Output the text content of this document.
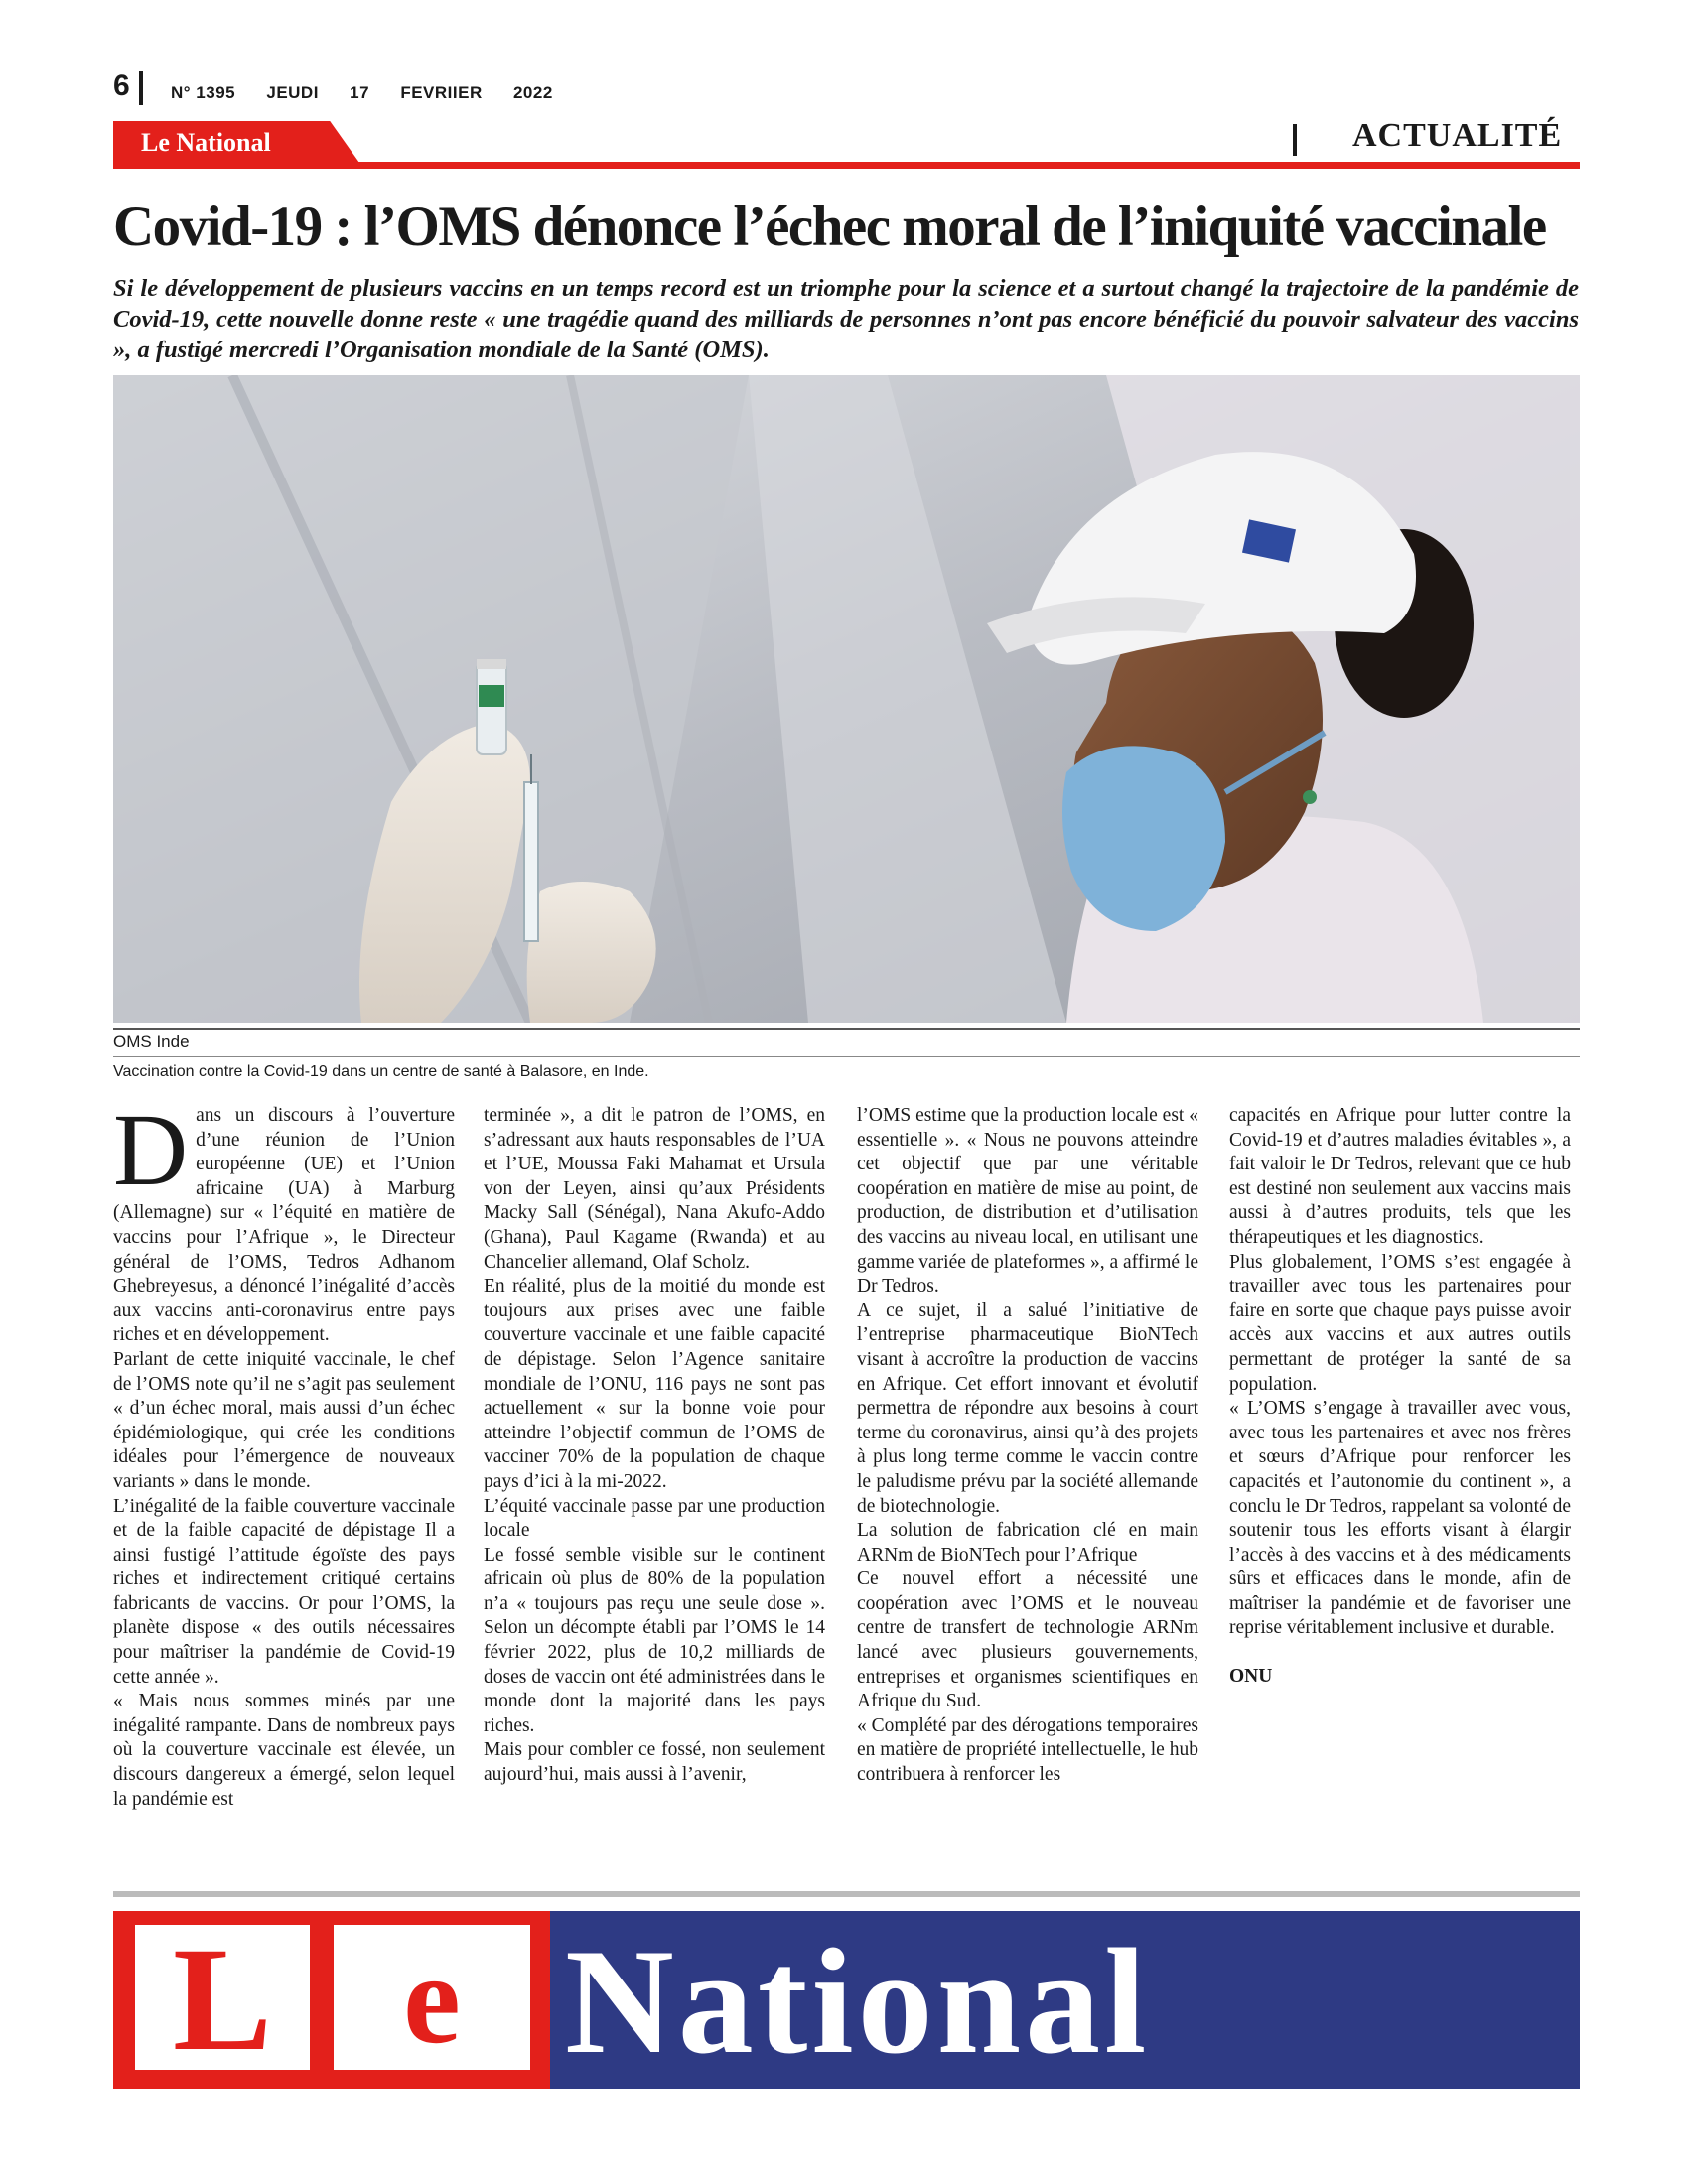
6 N° 1395 JEUDI 17 FEVRIIER 2022
Le National	ACTUALITÉ
Covid-19 : l’OMS dénonce l’échec moral de l’iniquité vaccinale
Si le développement de plusieurs vaccins en un temps record est un triomphe pour la science et a surtout changé la trajectoire de la pandémie de Covid-19, cette nouvelle donne reste « une tragédie quand des milliards de personnes n’ont pas encore bénéficié du pouvoir salvateur des vaccins », a fustigé mercredi l’Organisation mondiale de la Santé (OMS).
OMS Inde
Vaccination contre la Covid-19 dans un centre de santé à Balasore, en Inde.

Dans un discours à l’ouverture d’une réunion de l’Union européenne (UE) et l’Union africaine (UA) à Marburg (Allemagne) sur « l’équité en matière de vaccins pour l’Afrique », le Directeur général de l’OMS, Tedros Adhanom Ghebreyesus, a dénoncé l’inégalité d’accès aux vaccins anti-coronavirus entre pays riches et en développement.

Parlant de cette iniquité vaccinale, le chef de l’OMS note qu’il ne s’agit pas seulement « d’un échec moral, mais aussi d’un échec épidémiologique, qui crée les conditions idéales pour l’émergence de nouveaux variants » dans le monde.

L’inégalité de la faible couverture vaccinale et de la faible capacité de dépistage Il a ainsi fustigé l’attitude égoïste des pays riches et indirectement critiqué certains fabricants de vaccins. Or pour l’OMS, la planète dispose « des outils nécessaires pour maîtriser la pandémie de Covid-19 cette année ».

« Mais nous sommes minés par une inégalité rampante. Dans de nombreux pays où la couverture vaccinale est élevée, un discours dangereux a émergé, selon lequel la pandémie est

terminée », a dit le patron de l’OMS, en s’adressant aux hauts responsables de l’UA et l’UE, Moussa Faki Mahamat et Ursula von der Leyen, ainsi qu’aux Présidents Macky Sall (Sénégal), Nana Akufo-Addo (Ghana), Paul Kagame (Rwanda) et au Chancelier allemand, Olaf Scholz.

En réalité, plus de la moitié du monde est toujours aux prises avec une faible couverture vaccinale et une faible capacité de dépistage. Selon l’Agence sanitaire mondiale de l’ONU, 116 pays ne sont pas actuellement « sur la bonne voie pour atteindre l’objectif commun de l’OMS de vacciner 70% de la population de chaque pays d’ici à la mi-2022.

L’équité vaccinale passe par une production locale

Le fossé semble visible sur le continent africain où plus de 80% de la population n’a « toujours pas reçu une seule dose ». Selon un décompte établi par l’OMS le 14 février 2022, plus de 10,2 milliards de doses de vaccin ont été administrées dans le monde dont la majorité dans les pays riches.

Mais pour combler ce fossé, non seulement aujourd’hui, mais aussi à l’avenir,

l’OMS estime que la production locale est « essentielle ». « Nous ne pouvons atteindre cet objectif que par une véritable coopération en matière de mise au point, de production, de distribution et d’utilisation des vaccins au niveau local, en utilisant une gamme variée de plateformes », a affirmé le Dr Tedros.

A ce sujet, il a salué l’initiative de l’entreprise pharmaceutique BioNTech visant à accroître la production de vaccins en Afrique. Cet effort innovant et évolutif permettra de répondre aux besoins à court terme du coronavirus, ainsi qu’à des projets à plus long terme comme le vaccin contre le paludisme prévu par la société allemande de biotechnologie.

La solution de fabrication clé en main ARNm de BioNTech pour l’Afrique

Ce nouvel effort a nécessité une coopération avec l’OMS et le nouveau centre de transfert de technologie ARNm lancé avec plusieurs gouvernements, entreprises et organismes scientifiques en Afrique du Sud.

« Complété par des dérogations temporaires en matière de propriété intellectuelle, le hub contribuera à renforcer les

capacités en Afrique pour lutter contre la Covid-19 et d’autres maladies évitables », a fait valoir le Dr Tedros, relevant que ce hub est destiné non seulement aux vaccins mais aussi à d’autres produits, tels que les thérapeutiques et les diagnostics.

Plus globalement, l’OMS s’est engagée à travailler avec tous les partenaires pour faire en sorte que chaque pays puisse avoir accès aux vaccins et aux autres outils permettant de protéger la santé de sa population.

« L’OMS s’engage à travailler avec vous, avec tous les partenaires et avec nos frères et sœurs d’Afrique pour renforcer les capacités et l’autonomie du continent », a conclu le Dr Tedros, rappelant sa volonté de soutenir tous les efforts visant à élargir l’accès à des vaccins et à des médicaments sûrs et efficaces dans le monde, afin de maîtriser la pandémie et de favoriser une reprise véritablement inclusive et durable.

ONU

L	e National
